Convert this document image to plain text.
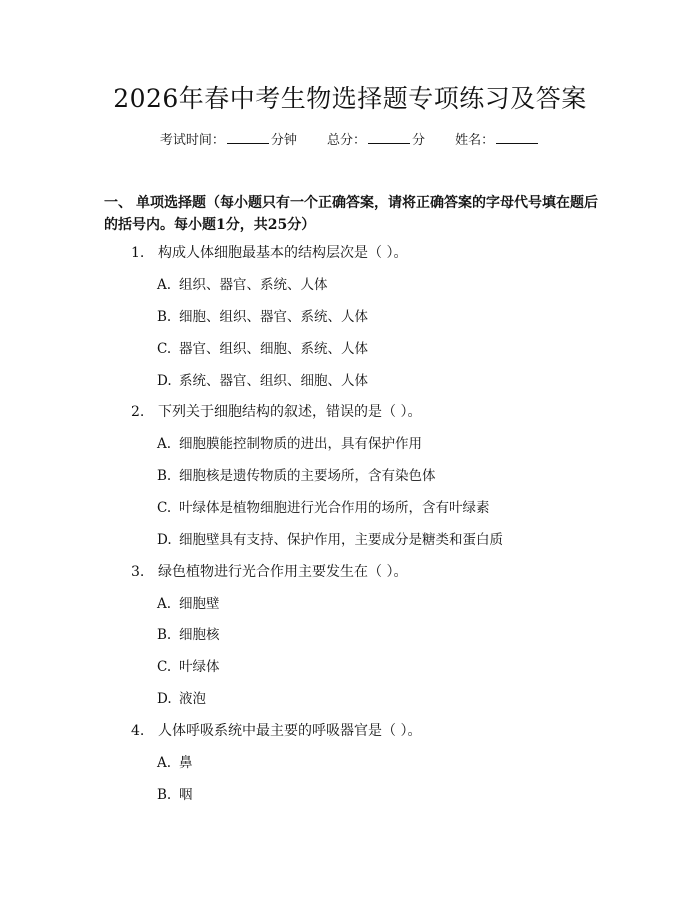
2026年春中考生物选择题专项练习及答案
考试时间：	分钟 总分：	分 姓名：
一、 单项选择题（每小题只有一个正确答案，请将正确答案的字母代号填在题后的括号内。每小题1分，共25分）
1. 构成人体细胞最基本的结构层次是（ ）。
A. 组织、器官、系统、人体
B. 细胞、组织、器官、系统、人体
C. 器官、组织、细胞、系统、人体
D. 系统、器官、组织、细胞、人体
2. 下列关于细胞结构的叙述，错误的是（ ）。
A. 细胞膜能控制物质的进出，具有保护作用
B. 细胞核是遗传物质的主要场所，含有染色体
C. 叶绿体是植物细胞进行光合作用的场所，含有叶绿素
D. 细胞壁具有支持、保护作用，主要成分是糖类和蛋白质
3. 绿色植物进行光合作用主要发生在（ ）。
A. 细胞壁
B. 细胞核
C. 叶绿体
D. 液泡
4. 人体呼吸系统中最主要的呼吸器官是（ ）。
A. 鼻
B. 咽
